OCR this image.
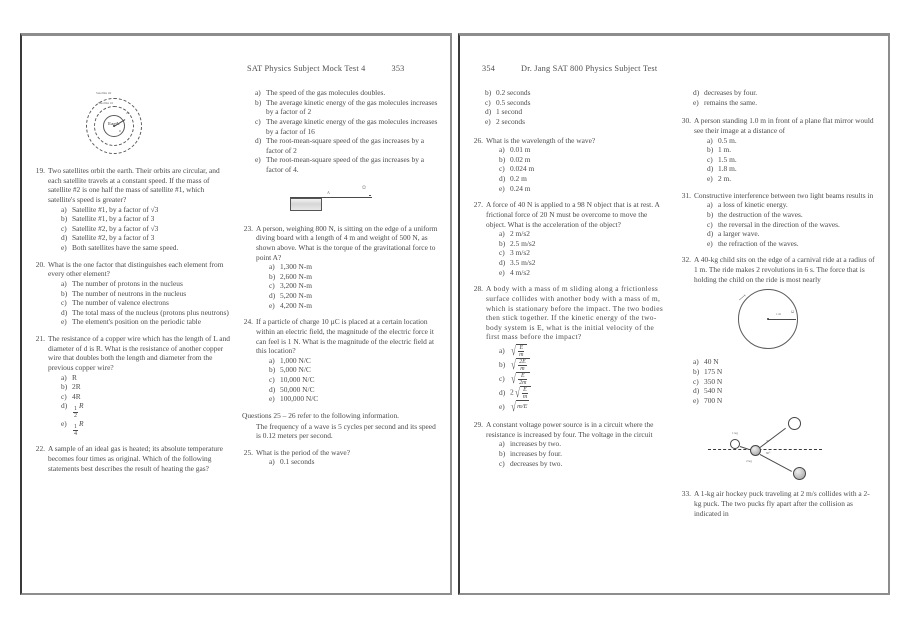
SAT Physics Subject Mock Test 4	353
Satellite #2
Satellite #1
Earth
2R
R
19. Two satellites orbit the earth. Their orbits are circular, and each satellite travels at a constant speed. If the mass of satellite #2 is one half the mass of satellite #1, which satellite's speed is greater?
a) Satellite #1, by a factor of √3
b) Satellite #1, by a factor of 3
c) Satellite #2, by a factor of √3
d) Satellite #2, by a factor of 3
e) Both satellites have the same speed.
20. What is the one factor that distinguishes each element from every other element?
a) The number of protons in the nucleus
b) The number of neutrons in the nucleus
c) The number of valence electrons
d) The total mass of the nucleus (protons plus neutrons)
e) The element's position on the periodic table
21. The resistance of a copper wire which has the length of L and diameter of d is R. What is the resistance of another copper wire that doubles both the length and diameter from the previous copper wire?
a) R
b) 2R
c) 4R
d)
$\frac{1}{2}$
R
e)
$\frac{1}{4}$
R
22. A sample of an ideal gas is heated; its absolute temperature becomes four times as original. Which of the following statements best describes the result of heating the gas?
a) The speed of the gas molecules doubles.
b) The average kinetic energy of the gas molecules increases by a factor of 2
c) The average kinetic energy of the gas molecules increases by a factor of 16
d) The root-mean-square speed of the gas increases by a factor of 2
e) The root-mean-square speed of the gas increases by a factor of 4.
A
☺
23. A person, weighing 800 N, is sitting on the edge of a uniform diving board with a length of 4 m and weight of 500 N, as shown above. What is the torque of the gravitational force to point A?
a) 1,300 N-m
b) 2,600 N-m
c) 3,200 N-m
d) 5,200 N-m
e) 4,200 N-m
24. If a particle of charge 10 µC is placed at a certain location within an electric field, the magnitude of the electric force it can feel is 1 N. What is the magnitude of the electric field at this location?
a) 1,000 N/C
b) 5,000 N/C
c) 10,000 N/C
d) 50,000 N/C
e) 100,000 N/C
Questions 25 – 26 refer to the following information.
The frequency of a wave is 5 cycles per second and its speed is 0.12 meters per second.
25. What is the period of the wave?
a) 0.1 seconds
354	Dr. Jang SAT 800 Physics Subject Test
b) 0.2 seconds
c) 0.5 seconds
d) 1 second
e) 2 seconds
26. What is the wavelength of the wave?
a) 0.01 m
b) 0.02 m
c) 0.024 m
d) 0.2 m
e) 0.24 m
27. A force of 40 N is applied to a 98 N object that is at rest. A frictional force of 20 N must be overcome to move the object. What is the acceleration of the object?
a) 2 m/s2
b) 2.5 m/s2
c) 3 m/s2
d) 3.5 m/s2
e) 4 m/s2
28. A body with a mass of m sliding along a frictionless surface collides with another body with a mass of m, which is stationary before the impact. The two bodies then stick together. If the kinetic energy of the two-body system is E, what is the initial velocity of the first mass before the impact?
a) √ $\frac{E}{m}$
b) √ $\frac{2E}{m}$
c) √ $\frac{E}{2m}$
d) 2 √ $\frac{E}{m}$
e) √ m/E
29. A constant voltage power source is in a circuit where the resistance is increased by four. The voltage in the circuit
a) increases by two.
b) increases by four.
c) decreases by two.
d) decreases by four.
e) remains the same.
30. A person standing 1.0 m in front of a plane flat mirror would see their image at a distance of
a) 0.5 m.
b) 1 m.
c) 1.5 m.
d) 1.8 m.
e) 2 m.
31. Constructive interference between two light beams results in
a) a loss of kinetic energy.
b) the destruction of the waves.
c) the reversal in the direction of the waves.
d) a larger wave.
e) the refraction of the waves.
32. A 40-kg child sits on the edge of a carnival ride at a radius of 1 m. The ride makes 2 revolutions in 6 s. The force that is holding the child on the ride is most nearly
1 m ☺
⟶
a) 40 N
b) 175 N
c) 350 N
d) 540 N
e) 700 N
1 kg
2 kg
30°
60°
33. A 1-kg air hockey puck traveling at 2 m/s collides with a 2-kg puck. The two pucks fly apart after the collision as indicated in
